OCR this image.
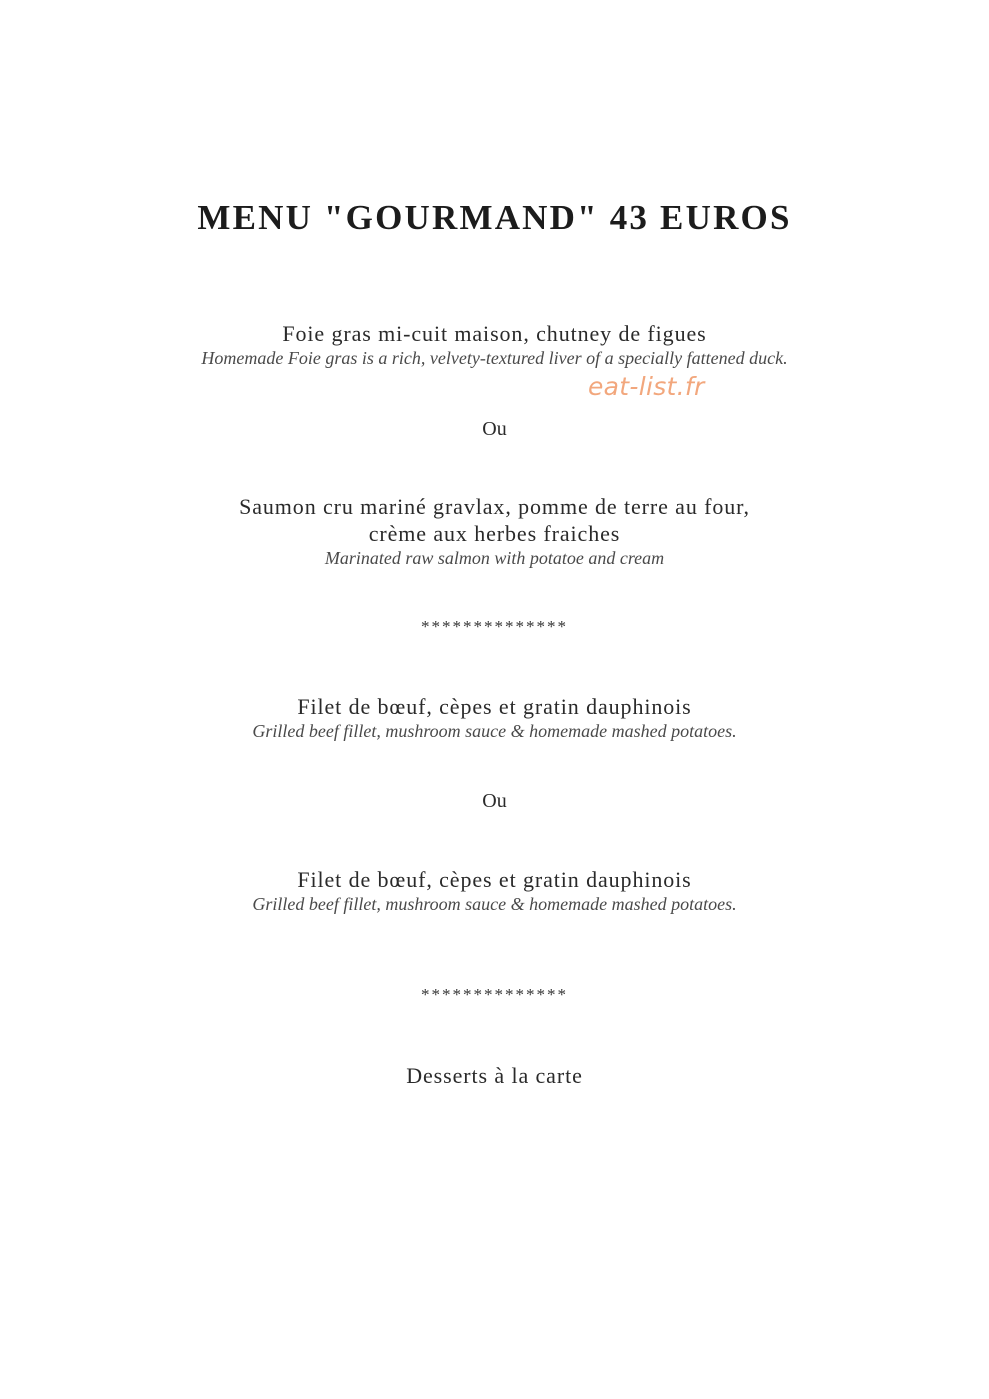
MENU "GOURMAND" 43 EUROS
Foie gras mi-cuit maison, chutney de figues
Homemade Foie gras is a rich, velvety-textured liver of a specially fattened duck.
eat-list.fr
Ou
Saumon cru mariné gravlax, pomme de terre au four,
crème aux herbes fraiches
Marinated raw salmon with potatoe and cream
**************
Filet de bœuf, cèpes et gratin dauphinois
Grilled beef fillet, mushroom sauce & homemade mashed potatoes.
Ou
Filet de bœuf, cèpes et gratin dauphinois
Grilled beef fillet, mushroom sauce & homemade mashed potatoes.
**************
Desserts à la carte
